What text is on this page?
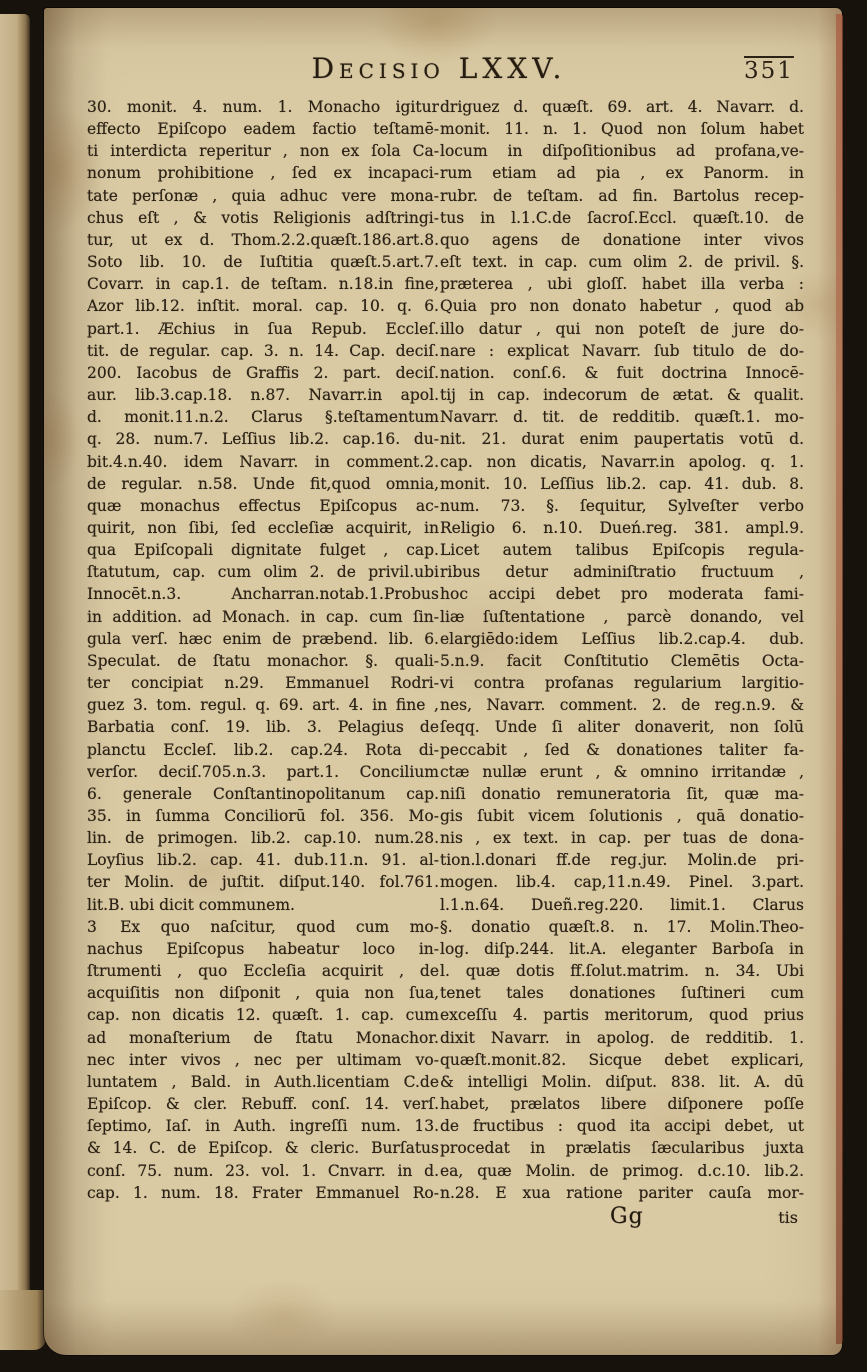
Decisio LXXV.	351
30. monit. 4. num. 1. Monacho igitur
effecto Epiſcopo eadem factio teſtamē-
ti interdicta reperitur , non ex ſola Ca-
nonum prohibitione , ſed ex incapaci-
tate perſonæ , quia adhuc vere mona-
chus eſt , & votis Religionis adſtringi-
tur, ut ex d. Thom.2.2.quæſt.186.art.8.
Soto lib. 10. de Iuſtitia quæſt.5.art.7.
Covarr. in cap.1. de teſtam. n.18.in fine,
Azor lib.12. inſtit. moral. cap. 10. q. 6.
part.1. Æchius in ſua Repub. Eccleſ.
tit. de regular. cap. 3. n. 14. Cap. deciſ.
200. Iacobus de Graffis 2. part. deciſ.
aur. lib.3.cap.18. n.87. Navarr.in apol.
d. monit.11.n.2. Clarus §.teſtamentum
q. 28. num.7. Leſſius lib.2. cap.16. du-
bit.4.n.40. idem Navarr. in comment.2.
de regular. n.58. Unde fit,quod omnia,
quæ monachus effectus Epiſcopus ac-
quirit, non ſibi, ſed eccleſiæ acquirit, in
qua Epiſcopali dignitate fulget , cap.
ſtatutum, cap. cum olim 2. de privil.ubi
Innocēt.n.3. Ancharran.notab.1.Probus
in addition. ad Monach. in cap. cum ſin-
gula verſ. hæc enim de præbend. lib. 6.
Speculat. de ſtatu monachor. §. quali-
ter concipiat n.29. Emmanuel Rodri-
guez 3. tom. regul. q. 69. art. 4. in fine ,
Barbatia conſ. 19. lib. 3. Pelagius de
planctu Eccleſ. lib.2. cap.24. Rota di-
verſor. deciſ.705.n.3. part.1. Concilium
6. generale Conſtantinopolitanum cap.
35. in ſumma Conciliorū fol. 356. Mo-
lin. de primogen. lib.2. cap.10. num.28.
Loyſius lib.2. cap. 41. dub.11.n. 91. al-
ter Molin. de juſtit. diſput.140. fol.761.
lit.B. ubi dicit communem.
3  Ex quo naſcitur, quod cum mo-
nachus Epiſcopus habeatur loco in-
ſtrumenti , quo Eccleſia acquirit , de
acquiſitis non diſponit , quia non ſua,
cap. non dicatis 12. quæſt. 1. cap. cum
ad monaſterium de ſtatu Monachor.
nec inter vivos , nec per ultimam vo-
luntatem , Bald. in Auth.licentiam C.de
Epiſcop. & cler. Rebuff. conſ. 14. verſ.
ſeptimo, Iaſ. in Auth. ingreſſi num. 13.
& 14. C. de Epiſcop. & cleric. Burſatus
conſ. 75. num. 23. vol. 1. Cnvarr. in d.
cap. 1. num. 18. Frater Emmanuel Ro-
driguez d. quæſt. 69. art. 4. Navarr. d.
monit. 11. n. 1. Quod non ſolum habet
locum in diſpoſitionibus ad profana,ve-
rum etiam ad pia , ex Panorm. in
rubr. de teſtam. ad fin. Bartolus recep-
tus in l.1.C.de ſacroſ.Eccl. quæſt.10. de
quo agens de donatione inter vivos
eſt text. in cap. cum olim 2. de privil. §.
præterea , ubi gloſſ. habet illa verba :
Quia pro non donato habetur , quod ab
illo datur , qui non poteſt de jure do-
nare : explicat Navarr. ſub titulo de do-
nation. conſ.6. & fuit doctrina Innocē-
tij in cap. indecorum de ætat. & qualit.
Navarr. d. tit. de redditib. quæſt.1. mo-
nit. 21. durat enim paupertatis votū d.
cap. non dicatis, Navarr.in apolog. q. 1.
monit. 10. Leſſius lib.2. cap. 41. dub. 8.
num. 73. §. ſequitur, Sylveſter verbo
Religio 6. n.10. Dueń.reg. 381. ampl.9.
Licet autem talibus Epiſcopis regula-
ribus detur adminiſtratio fructuum ,
hoc accipi debet pro moderata fami-
liæ ſuſtentatione , parcè donando, vel
elargiēdo:idem Leſſius lib.2.cap.4. dub.
5.n.9. facit Conſtitutio Clemētis Octa-
vi contra profanas regularium largitio-
nes, Navarr. comment. 2. de reg.n.9. &
ſeqq. Unde ſi aliter donaverit, non ſolū
peccabit , ſed & donationes taliter fa-
ctæ nullæ erunt , & omnino irritandæ ,
niſi donatio remuneratoria ſit, quæ ma-
gis ſubit vicem ſolutionis , quā donatio-
nis , ex text. in cap. per tuas de dona-
tion.l.donari ff.de reg.jur. Molin.de pri-
mogen. lib.4. cap,11.n.49. Pinel. 3.part.
l.1.n.64. Dueñ.reg.220. limit.1. Clarus
§. donatio quæſt.8. n. 17. Molin.Theo-
log. diſp.244. lit.A. eleganter Barboſa in
l. quæ dotis ff.ſolut.matrim. n. 34. Ubi
tenet tales donationes ſuſtineri cum
exceſſu 4. partis meritorum, quod prius
dixit Navarr. in apolog. de redditib. 1.
quæſt.monit.82. Sicque debet explicari,
& intelligi Molin. diſput. 838. lit. A. dū
habet, prælatos libere diſponere poſſe
de fructibus : quod ita accipi debet, ut
procedat in prælatis ſæcularibus juxta
ea, quæ Molin. de primog. d.c.10. lib.2.
n.28. E xua ratione pariter cauſa mor-
Gg	tis
